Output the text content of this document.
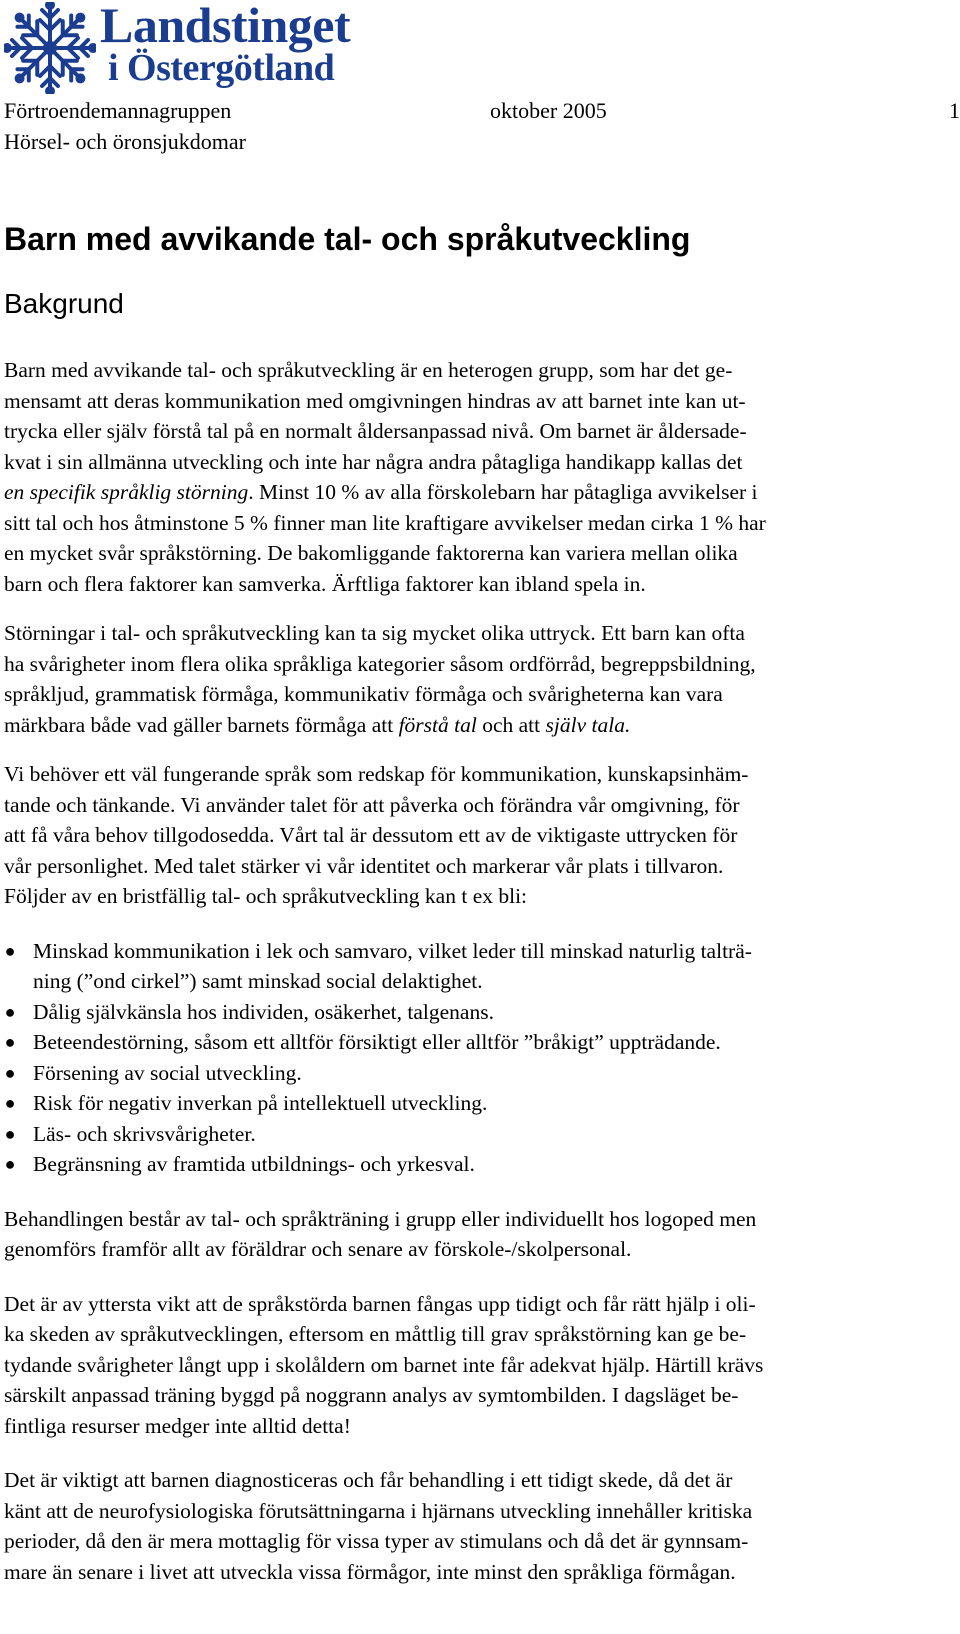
Landstinget
i Östergötland
Förtroendemannagruppen	oktober 2005	1
Hörsel- och öronsjukdomar
Barn med avvikande tal- och språkutveckling
Bakgrund
Barn med avvikande tal- och språkutveckling är en heterogen grupp, som har det ge-
mensamt att deras kommunikation med omgivningen hindras av att barnet inte kan ut-
trycka eller själv förstå tal på en normalt åldersanpassad nivå. Om barnet är åldersade-
kvat i sin allmänna utveckling och inte har några andra påtagliga handikapp kallas det
en specifik språklig störning. Minst 10 % av alla förskolebarn har påtagliga avvikelser i
sitt tal och hos åtminstone 5 % finner man lite kraftigare avvikelser medan cirka 1 % har
en mycket svår språkstörning. De bakomliggande faktorerna kan variera mellan olika
barn och flera faktorer kan samverka. Ärftliga faktorer kan ibland spela in.
Störningar i tal- och språkutveckling kan ta sig mycket olika uttryck. Ett barn kan ofta
ha svårigheter inom flera olika språkliga kategorier såsom ordförråd, begreppsbildning,
språkljud, grammatisk förmåga, kommunikativ förmåga och svårigheterna kan vara
märkbara både vad gäller barnets förmåga att förstå tal och att själv tala.
Vi behöver ett väl fungerande språk som redskap för kommunikation, kunskapsinhäm-
tande och tänkande. Vi använder talet för att påverka och förändra vår omgivning, för
att få våra behov tillgodosedda. Vårt tal är dessutom ett av de viktigaste uttrycken för
vår personlighet. Med talet stärker vi vår identitet och markerar vår plats i tillvaron.
Följder av en bristfällig tal- och språkutveckling kan t ex bli:
● Minskad kommunikation i lek och samvaro, vilket leder till minskad naturlig talträ-
ning (”ond cirkel”) samt minskad social delaktighet.
● Dålig självkänsla hos individen, osäkerhet, talgenans.
● Beteendestörning, såsom ett alltför försiktigt eller alltför ”bråkigt” uppträdande.
● Försening av social utveckling.
● Risk för negativ inverkan på intellektuell utveckling.
● Läs- och skrivsvårigheter.
● Begränsning av framtida utbildnings- och yrkesval.
Behandlingen består av tal- och språkträning i grupp eller individuellt hos logoped men
genomförs framför allt av föräldrar och senare av förskole-/skolpersonal.
Det är av yttersta vikt att de språkstörda barnen fångas upp tidigt och får rätt hjälp i oli-
ka skeden av språkutvecklingen, eftersom en måttlig till grav språkstörning kan ge be-
tydande svårigheter långt upp i skolåldern om barnet inte får adekvat hjälp. Härtill krävs
särskilt anpassad träning byggd på noggrann analys av symtombilden. I dagsläget be-
fintliga resurser medger inte alltid detta!
Det är viktigt att barnen diagnosticeras och får behandling i ett tidigt skede, då det är
känt att de neurofysiologiska förutsättningarna i hjärnans utveckling innehåller kritiska
perioder, då den är mera mottaglig för vissa typer av stimulans och då det är gynnsam-
mare än senare i livet att utveckla vissa förmågor, inte minst den språkliga förmågan.
